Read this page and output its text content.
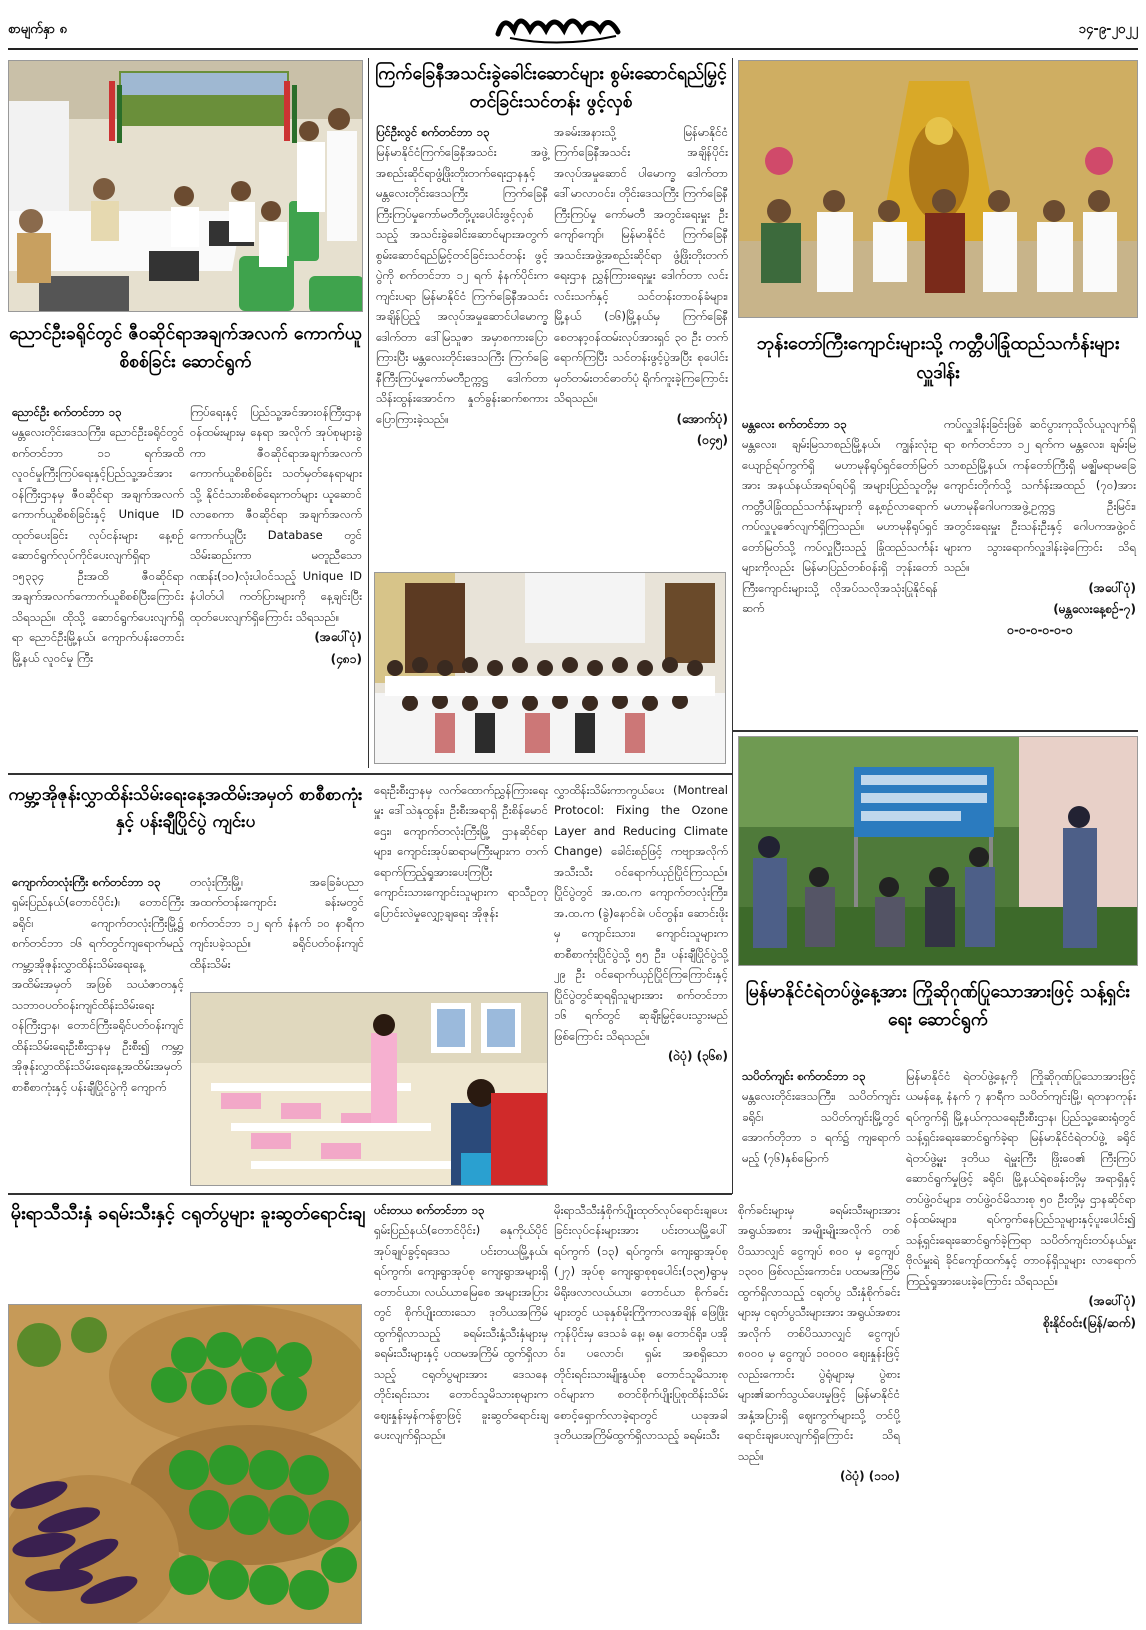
စာမျက်နှာ ၈	၁၄-၉-၂၀၂၂
ညောင်ဦးခရိုင်တွင် ဇီဝဆိုင်ရာအချက်အလက် ကောက်ယူစိစစ်ခြင်း ဆောင်ရွက်
ညောင်ဦး စက်တင်ဘာ ၁၃
မန္တလေးတိုင်းဒေသကြီး၊ ညောင်ဦးခရိုင်တွင် စက်တင်ဘာ ၁၁ ရက်အထိ လူဝင်မှုကြီးကြပ်ရေးနှင့်ပြည်သူ့အင်အားဝန်ကြီးဌာနမှ ဇီဝဆိုင်ရာ အချက်အလက် ကောက်ယူစိစစ်ခြင်းနှင့် Unique ID ထုတ်ပေးခြင်း လုပ်ငန်းများ နေ့စဉ် ဆောင်ရွက်လုပ်ကိုင်ပေးလျက်ရှိရာ ၁၅၃၃၄ ဦးအထိ ဇီဝဆိုင်ရာအချက်အလက်ကောက်ယူစိစစ်ပြီးကြောင်း သိရသည်။ ထိုသို့ ဆောင်ရွက်ပေးလျက်ရှိရာ ညောင်ဦးမြို့နယ်၊ ကျောက်ပန်းတောင်းမြို့နယ် လူဝင်မှု ကြီး
ကြပ်ရေးနှင့် ပြည်သူ့အင်အားဝန်ကြီးဌာန ဝန်ထမ်းများမှ နေရာ အလိုက် အုပ်စုများခွဲကာ ဇီဝဆိုင်ရာအချက်အလက် ကောက်ယူစိစစ်ခြင်း သတ်မှတ်နေရာများသို့ နိုင်ငံသားစိစစ်ရေးကတ်များ ယူဆောင်လာစေကာ ဇီဝဆိုင်ရာ အချက်အလက်ကောက်ယူပြီး Database တွင် သိမ်းဆည်းကာ မတူညီသောဂဏန်း(၁၀)လုံးပါဝင်သည့် Unique ID နံပါတ်ပါ ကတ်ပြားများကို နေ့ချင်းပြီး ထုတ်ပေးလျက်ရှိကြောင်း သိရသည်။
(အပေါ်ပုံ)
(၄၈၁)
ကြက်ခြေနီအသင်းခွဲခေါင်းဆောင်များ စွမ်းဆောင်ရည်မြှင့်တင်ခြင်းသင်တန်း ဖွင့်လှစ်
ပြင်ဦးလွင် စက်တင်ဘာ ၁၃
မြန်မာနိုင်ငံကြက်ခြေနီအသင်း အဖွဲ့အစည်းဆိုင်ရာဖွံ့ဖြိုးတိုးတက်ရေးဌာနနှင့် မန္တလေးတိုင်းဒေသကြီး ကြက်ခြေနီကြီးကြပ်မှုကော်မတီတို့ပူးပေါင်းဖွင့်လှစ်သည့် အသင်းခွဲခေါင်းဆောင်များအတွက် စွမ်းဆောင်ရည်မြှင့်တင်ခြင်းသင်တန်း ဖွင့်ပွဲကို စက်တင်ဘာ ၁၂ ရက် နံနက်ပိုင်းက ကျင်းပရာ မြန်မာနိုင်ငံ ကြက်ခြေနီအသင်း အချိန်ပြည့် အလုပ်အမှုဆောင်ပါမောက္ခ ဒေါက်တာ ဒေါ်မြသူဇာ အမှာစကားပြောကြားပြီး မန္တလေးတိုင်းဒေသကြီး ကြက်ခြေနီကြီးကြပ်မှုကော်မတီဥက္ကဋ္ဌ ဒေါက်တာ သိန်းထွန်းအောင်က နှုတ်ခွန်းဆက်စကား ပြောကြားခဲ့သည်။
အခမ်းအနားသို့ မြန်မာနိုင်ငံ ကြက်ခြေနီအသင်း အချိန်ပိုင်း အလုပ်အမှုဆောင် ပါမောက္ခ ဒေါက်တာ ဒေါ်မာလာဝင်း၊ တိုင်းဒေသကြီး ကြက်ခြေနီကြီးကြပ်မှု ကော်မတီ အတွင်းရေးမှူး ဦးကျော်ကျော်၊ မြန်မာနိုင်ငံ ကြက်ခြေနီ အသင်းအဖွဲ့အစည်းဆိုင်ရာ ဖွံ့ဖြိုးတိုးတက်ရေးဌာန ညွှန်ကြားရေးမှူး ဒေါက်တာ လင်းလင်းသက်နှင့် သင်တန်းတာဝန်ခံများ၊ မြို့နယ် (၁၆)မြို့နယ်မှ ကြက်ခြေနီစေတနာ့ဝန်ထမ်းလုပ်အားရှင် ၃၀ ဦး တက်ရောက်ကြပြီး သင်တန်းဖွင့်ပွဲအပြီး စုပေါင်းမှတ်တမ်းတင်ဓာတ်ပုံ ရိုက်ကူးခဲ့ကြကြောင်း သိရသည်။
(အောက်ပုံ)
(၀၄၅)
ဘုန်းတော်ကြီးကျောင်းများသို့ ကတ္တီပါခြုံထည်သင်္ကန်းများ လှူဒါန်း
မန္တလေး စက်တင်ဘာ ၁၃
မန္တလေး၊ ချမ်းမြသာစည်မြို့နယ်၊ ကျွန်းလုံးဥယျောဉ်ရပ်ကွက်ရှိ မဟာမုနိရုပ်ရှင်တော်မြတ်အား အနယ်နယ်အရပ်ရပ်ရှိ အများပြည်သူတို့မှ ကတ္တီပါခြုံထည်သင်္ကန်းများကို နေ့စဉ်လာရောက်ကပ်လှူပူဇော်လျက်ရှိကြသည်။ မဟာမုနိရုပ်ရှင်တော်မြတ်သို့ ကပ်လှူပြီးသည့် ခြုံထည်သင်္ကန်းများကိုလည်း မြန်မာပြည်တစ်ဝန်းရှိ ဘုန်းတော်ကြီးကျောင်းများသို့ လိုအပ်သလိုအသုံးပြုနိုင်ရန် ဆက်
ကပ်လှူဒါန်းခြင်းဖြစ် ဆင်ပွားကုသိုလ်ယူလျက်ရှိရာ စက်တင်ဘာ ၁၂ ရက်က မန္တလေး၊ ချမ်းမြသာစည်မြို့နယ်၊ ကန်တော်ကြီးရှိ မဇ္ဈိမရာမခြေ ကျောင်းတိုက်သို့ သင်္ကန်းအထည် (၇၀)အား မဟာမုနိဂေါပကအဖွဲ့ဥက္ကဋ္ဌ ဦးမြင်း၊ အတွင်းရေးမှူး ဦးသန်းဦးနှင့် ဂေါပကအဖွဲ့ဝင်များက သွားရောက်လှူဒါန်းခဲ့ကြောင်း သိရသည်။
(အပေါ်ပုံ)
(မန္တလေးနေ့စဉ်-၇)
၀-၀-၀-၀-၀-၀
မြန်မာနိုင်ငံရဲတပ်ဖွဲ့နေ့အား ကြိုဆိုဂုဏ်ပြုသောအားဖြင့် သန့်ရှင်းရေး ဆောင်ရွက်
သပိတ်ကျင်း စက်တင်ဘာ ၁၃
မန္တလေးတိုင်းဒေသကြီး၊ သပိတ်ကျင်းခရိုင်၊ သပိတ်ကျင်းမြို့တွင် အောက်တိုဘာ ၁ ရက်၌ ကျရောက်မည့် (၇၆)နှစ်မြောက်
မြန်မာနိုင်ငံ ရဲတပ်ဖွဲ့နေ့ကို ကြိုဆိုဂုဏ်ပြုသောအားဖြင့် ယမန်နေ့ နံနက် ၇ နာရီက သပိတ်ကျင်းမြို့၊ ရတနာကုန်းရပ်ကွက်ရှိ မြို့နယ်ကုသရေးဦးစီးဌာန၊ ပြည်သူ့ဆေးရုံတွင် သန့်ရှင်းရေးဆောင်ရွက်ခဲ့ရာ မြန်မာနိုင်ငံရဲတပ်ဖွဲ့ ခရိုင်ရဲတပ်ဖွဲ့မှူး ဒုတိယ ရဲမှူးကြီး ဖြိုးဝေ၏ ကြီးကြပ်ဆောင်ရွက်မှုဖြင့် ခရိုင်၊ မြို့နယ်ရဲစခန်းတို့မှ အရာရှိနှင့်တပ်ဖွဲ့ဝင်များ၊ တပ်ဖွဲ့ဝင်မိသားစု ၅၀ ဦးတို့မှ ဌာနဆိုင်ရာဝန်ထမ်းများ၊ ရပ်ကွက်နေပြည်သူများနှင့်ပူးပေါင်း၍ သန့်ရှင်းရေးဆောင်ရွက်ခဲ့ကြရာ သပိတ်ကျင်းတပ်နယ်မှူး ဗိုလ်မှူးရဲ ခိုင်ကျော်ထက်နှင့် တာဝန်ရှိသူများ လာရောက်ကြည့်ရှုအားပေးခဲ့ကြောင်း သိရသည်။
(အပေါ်ပုံ)
စိုးနိုင်ဝင်း(မြန်/ဆက်)
ကမ္ဘာ့အိုဇုန်းလွှာထိန်းသိမ်းရေးနေ့အထိမ်းအမှတ် စာစီစာကုံးနှင့် ပန်းချီပြိုင်ပွဲ ကျင်းပ
ကျောက်တလုံးကြီး စက်တင်ဘာ ၁၃
ရှမ်းပြည်နယ်(တောင်ပိုင်း)၊ တောင်ကြီးခရိုင်၊ ကျောက်တလုံးကြီးမြို့၌ စက်တင်ဘာ ၁၆ ရက်တွင်ကျရောက်မည့် ကမ္ဘာ့အိုဇုန်းလွှာထိန်းသိမ်းရေးနေ့အထိမ်းအမှတ် အဖြစ် သယံဇာတနှင့် သဘာဝပတ်ဝန်းကျင်ထိန်းသိမ်းရေးဝန်ကြီးဌာန၊ တောင်ကြီးခရိုင်ပတ်ဝန်းကျင်ထိန်းသိမ်းရေးဦးစီးဌာနမှ ဦးစီး၍ ကမ္ဘာ့အိုဇုန်းလွှာထိန်းသိမ်းရေးနေ့အထိမ်းအမှတ် စာစီစာကုံးနှင့် ပန်းချီပြိုင်ပွဲကို ကျောက်
တလုံးကြီးမြို့၊ အခြေခံပညာ အထက်တန်းကျောင်း ခန်းမတွင် စက်တင်ဘာ ၁၂ ရက် နံနက် ၁၀ နာရီက ကျင်းပခဲ့သည်။ ခရိုင်ပတ်ဝန်းကျင်ထိန်းသိမ်း
ရေးဦးစီးဌာနမှ လက်ထောက်ညွှန်ကြားရေးမှူး ဒေါ်သဲနုထွန်း၊ ဦးစီးအရာရှိ ဦးစိန်မောင်ဌေး၊ ကျောက်တလုံးကြီးမြို့ ဌာနဆိုင်ရာများ၊ ကျောင်းအုပ်ဆရာမကြီးများက တက်ရောက်ကြည့်ရှုအားပေးကြပြီး ကျောင်းသားကျောင်းသူများက ရာသီဥတုပြောင်းလဲမှုလျှော့ချရေး အိုဇုန်း
လွှာထိန်းသိမ်းကာကွယ်ပေး (Montreal Protocol: Fixing the Ozone Layer and Reducing Climate Change) ခေါင်းစဉ်ဖြင့် ကဗျာအလိုက် အသီးသီး ဝင်ရောက်ယှဉ်ပြိုင်ကြသည်။ ပြိုင်ပွဲတွင် အ.ထ.က ကျောက်တလုံးကြီး၊ အ.ထ.က (ခွဲ)နောင်ခဲ၊ ပင်တွန်း၊ ဆောင်းဖိုးမှ ကျောင်းသား၊ ကျောင်းသူများက စာစီစာကုံးပြိုင်ပွဲသို့ ၅၅ ဦး၊ ပန်းချီပြိုင်ပွဲသို့ ၂၉ ဦး ဝင်ရောက်ယှဉ်ပြိုင်ကြကြောင်းနှင့် ပြိုင်ပွဲတွင်ဆုရရှိသူများအား စက်တင်ဘာ ၁၆ ရက်တွင် ဆုချီးမြှင့်ပေးသွားမည်ဖြစ်ကြောင်း သိရသည်။
(ဝဲပုံ) (၃၆၈)
မိုးရာသီသီးနှံ ခရမ်းသီးနှင့် ငရုတ်ပွများ ခူးဆွတ်ရောင်းချ ပင်းတယ စက်တင်ဘာ ၁၃
ရှမ်းပြည်နယ်(တောင်ပိုင်း) ဓနုကိုယ်ပိုင်အုပ်ချုပ်ခွင့်ရဒေသ ပင်းတယမြို့နယ်၊ ရပ်ကွက်၊ ကျေးရွာအုပ်စု ကျေးရွာအများရှိ တောင်ယာ၊ လယ်ယာမြေစေ အများအပြားတွင် စိုက်ပျိုးထားသော ဒုတိယအကြိမ် ထွက်ရှိလာသည့် ခရမ်းသီးနှံ့သီးနှံများမှ ခရမ်းသီးများနှင့် ပထမအကြိမ် ထွက်ရှိလာသည့် ငရုတ်ပွများအား ဒေသနေ တိုင်းရင်းသား တောင်သူမိသားစုများက ဈေးနှုန်းမှန်ကန်စွာဖြင့် ခူးဆွတ်ရောင်းချပေးလျက်ရှိသည်။
မိုးရာသီသီးနှံစိုက်ပျိုးထုတ်လုပ်ရောင်းချပေးခြင်းလုပ်ငန်းများအား ပင်းတယမြို့ပေါ်ရပ်ကွက် (၁၃) ရပ်ကွက်၊ ကျေးရွာအုပ်စု (၂၇) အုပ်စု ကျေးရွာစုစုပေါင်း(၁၃၅)ရွာမှ မိရိုးဖလာလယ်ယာ၊ တောင်ယာ စိုက်ခင်းများတွင် ယခုနှစ်မိုးကြိုကာလအချိန် ဖြေဖြိုးကုန်ပိုင်းမှ ဒေသခံ နေ့၊ ဓနု၊ တောင်ရိုး၊ ပအိုဝ်း၊ ပလောင်၊ ရှမ်း အစရှိသော တိုင်းရင်းသားမျိုးနွယ်စု တောင်သူမိသားစုဝင်များက စတင်စိုက်ပျိုးပြုစုထိန်းသိမ်းစောင့်ရှောက်လာခဲ့ရာတွင် ယခုအခါ ဒုတိယအကြိမ်ထွက်ရှိလာသည့် ခရမ်းသီး
စိုက်ခင်းများမှ ခရမ်းသီးများအား အရွယ်အစား အမျိုးမျိုးအလိုက် တစ်ပိဿာလျှင် ငွေကျပ် ၈၀၀ မှ ငွေကျပ် ၁၃၀၀ ဖြစ်လည်းကောင်း၊ ပထမအကြိမ် ထွက်ရှိလာသည့် ငရုတ်ပွ သီးနှံစိုက်ခင်းများမှ ငရုတ်ပွသီးများအား အရွယ်အစားအလိုက် တစ်ပိဿာလျှင် ငွေကျပ် ၈၀၀၀ မှ ငွေကျပ် ၁၀၀၀၀ ဈေးနှုန်းဖြင့်လည်းကောင်း ပွဲရုံများမှ ပွဲစားများ၏ဆက်သွယ်ပေးမှုဖြင့် မြန်မာနိုင်ငံအနှံ့အပြားရှိ ဈေးကွက်များသို့ တင်ပို့ရောင်းချပေးလျက်ရှိကြောင်း သိရသည်။
(ဝဲပုံ) (၁၁၀)
